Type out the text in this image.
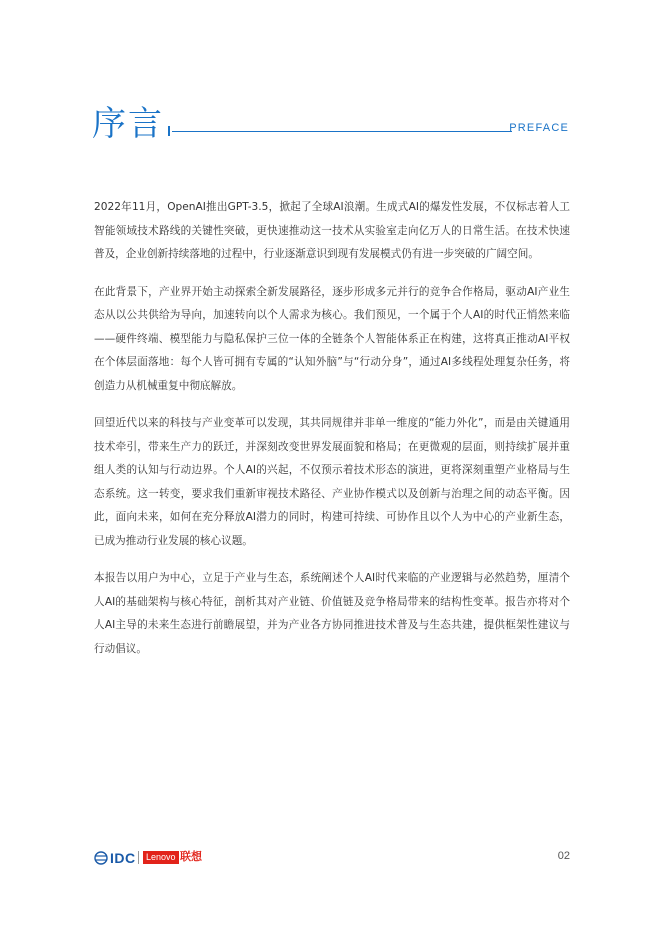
序言	PREFACE

2022年11月，OpenAI推出GPT-3.5，掀起了全球AI浪潮。生成式AI的爆发性发展，不仅标志着人工智能领域技术路线的关键性突破，更快速推动这一技术从实验室走向亿万人的日常生活。在技术快速普及，企业创新持续落地的过程中，行业逐渐意识到现有发展模式仍有进一步突破的广阔空间。

在此背景下，产业界开始主动探索全新发展路径，逐步形成多元并行的竞争合作格局，驱动AI产业生态从以公共供给为导向，加速转向以个人需求为核心。我们预见，一个属于个人AI的时代正悄然来临——硬件终端、模型能力与隐私保护三位一体的全链条个人智能体系正在构建，这将真正推动AI平权在个体层面落地：每个人皆可拥有专属的“认知外脑”与“行动分身”，通过AI多线程处理复杂任务，将创造力从机械重复中彻底解放。

回望近代以来的科技与产业变革可以发现，其共同规律并非单一维度的“能力外化”，而是由关键通用技术牵引，带来生产力的跃迁，并深刻改变世界发展面貌和格局；在更微观的层面，则持续扩展并重组人类的认知与行动边界。个人AI的兴起，不仅预示着技术形态的演进，更将深刻重塑产业格局与生态系统。这一转变，要求我们重新审视技术路径、产业协作模式以及创新与治理之间的动态平衡。因此，面向未来，如何在充分释放AI潜力的同时，构建可持续、可协作且以个人为中心的产业新生态，已成为推动行业发展的核心议题。

本报告以用户为中心，立足于产业与生态，系统阐述个人AI时代来临的产业逻辑与必然趋势，厘清个人AI的基础架构与核心特征，剖析其对产业链、价值链及竞争格局带来的结构性变革。报告亦将对个人AI主导的未来生态进行前瞻展望，并为产业各方协同推进技术普及与生态共建，提供框架性建议与行动倡议。

IDC	Lenovo 联想	02
